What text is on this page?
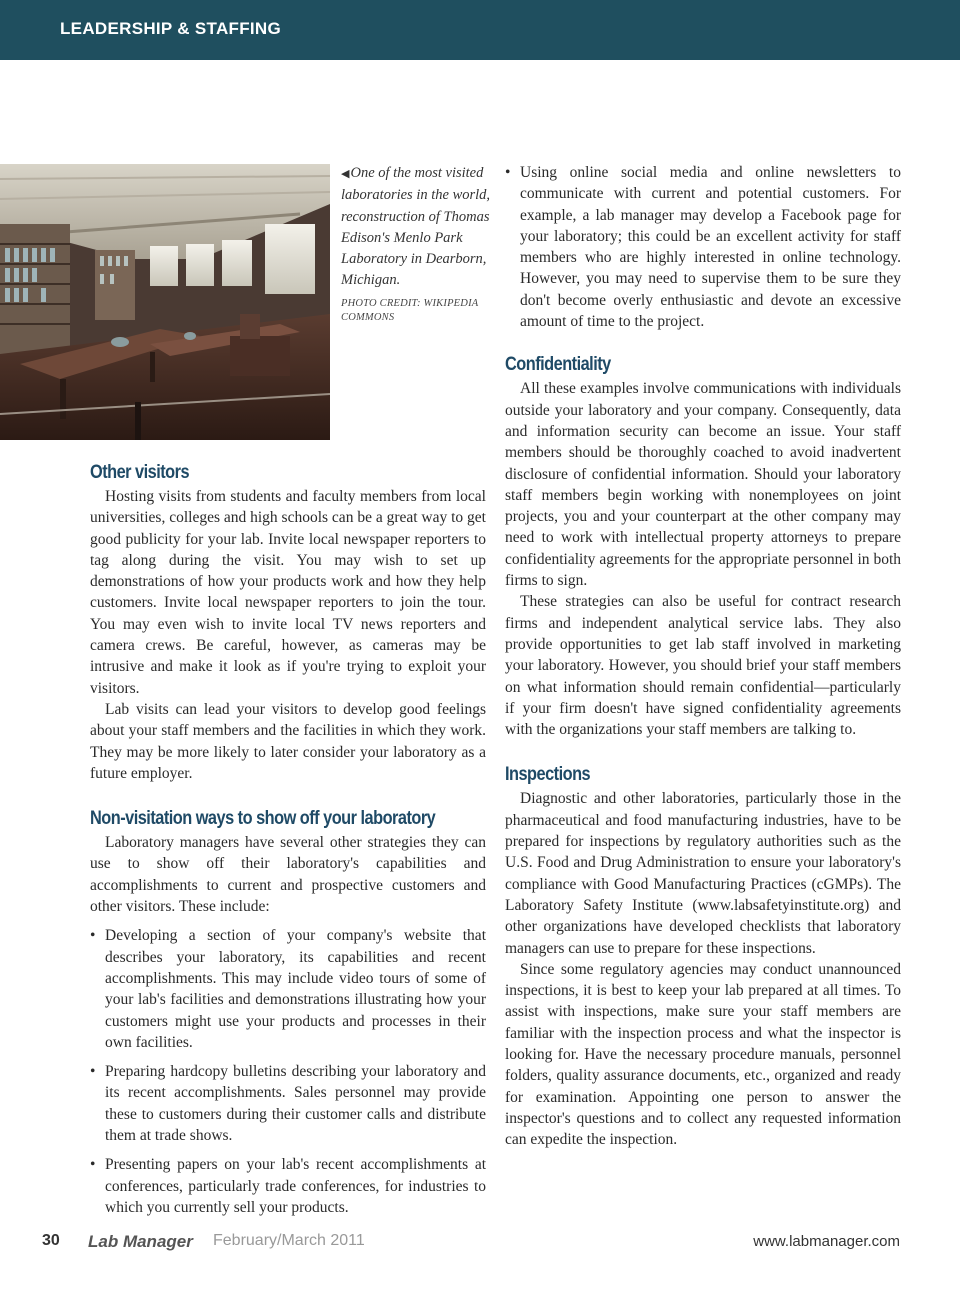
LEADERSHIP & STAFFING
◀One of the most visited laboratories in the world, reconstruction of Thomas Edison's Menlo Park Laboratory in Dearborn, Michigan.
PHOTO CREDIT: WIKIPEDIA COMMONS
Other visitors

Hosting visits from students and faculty members from local universities, colleges and high schools can be a great way to get good publicity for your lab. Invite local newspaper reporters to tag along during the visit. You may wish to set up demonstrations of how your products work and how they help customers. Invite local newspaper reporters to join the tour. You may even wish to invite local TV news reporters and camera crews. Be careful, however, as cameras may be intrusive and make it look as if you're trying to exploit your visitors.

Lab visits can lead your visitors to develop good feelings about your staff members and the facilities in which they work. They may be more likely to later consider your laboratory as a future employer.

Non-visitation ways to show off your laboratory

Laboratory managers have several other strategies they can use to show off their laboratory's capabilities and accomplishments to current and prospective customers and other visitors. These include:

• Developing a section of your company's website that describes your laboratory, its capabilities and recent accomplishments. This may include video tours of some of your lab's facilities and demonstrations illustrating how your customers might use your products and processes in their own facilities.
• Preparing hardcopy bulletins describing your laboratory and its recent accomplishments. Sales personnel may provide these to customers during their customer calls and distribute them at trade shows.
• Presenting papers on your lab's recent accomplishments at conferences, particularly trade conferences, for industries to which you currently sell your products.
• Using online social media and online newsletters to communicate with current and potential customers. For example, a lab manager may develop a Facebook page for your laboratory; this could be an excellent activity for staff members who are highly interested in online technology. However, you may need to supervise them to be sure they don't become overly enthusiastic and devote an excessive amount of time to the project.
Confidentiality

All these examples involve communications with individuals outside your laboratory and your company. Consequently, data and information security can become an issue. Your staff members should be thoroughly coached to avoid inadvertent disclosure of confidential information. Should your laboratory staff members begin working with nonemployees on joint projects, you and your counterpart at the other company may need to work with intellectual property attorneys to prepare confidentiality agreements for the appropriate personnel in both firms to sign.

These strategies can also be useful for contract research firms and independent analytical service labs. They also provide opportunities to get lab staff involved in marketing your laboratory. However, you should brief your staff members on what information should remain confidential—particularly if your firm doesn't have signed confidentiality agreements with the organizations your staff members are talking to.

Inspections

Diagnostic and other laboratories, particularly those in the pharmaceutical and food manufacturing industries, have to be prepared for inspections by regulatory authorities such as the U.S. Food and Drug Administration to ensure your laboratory's compliance with Good Manufacturing Practices (cGMPs). The Laboratory Safety Institute (www.labsafetyinstitute.org) and other organizations have developed checklists that laboratory managers can use to prepare for these inspections.

Since some regulatory agencies may conduct unannounced inspections, it is best to keep your lab prepared at all times. To assist with inspections, make sure your staff members are familiar with the inspection process and what the inspector is looking for. Have the necessary procedure manuals, personnel folders, quality assurance documents, etc., organized and ready for examination. Appointing one person to answer the inspector's questions and to collect any requested information can expedite the inspection.

30 Lab Manager February/March 2011	www.labmanager.com
